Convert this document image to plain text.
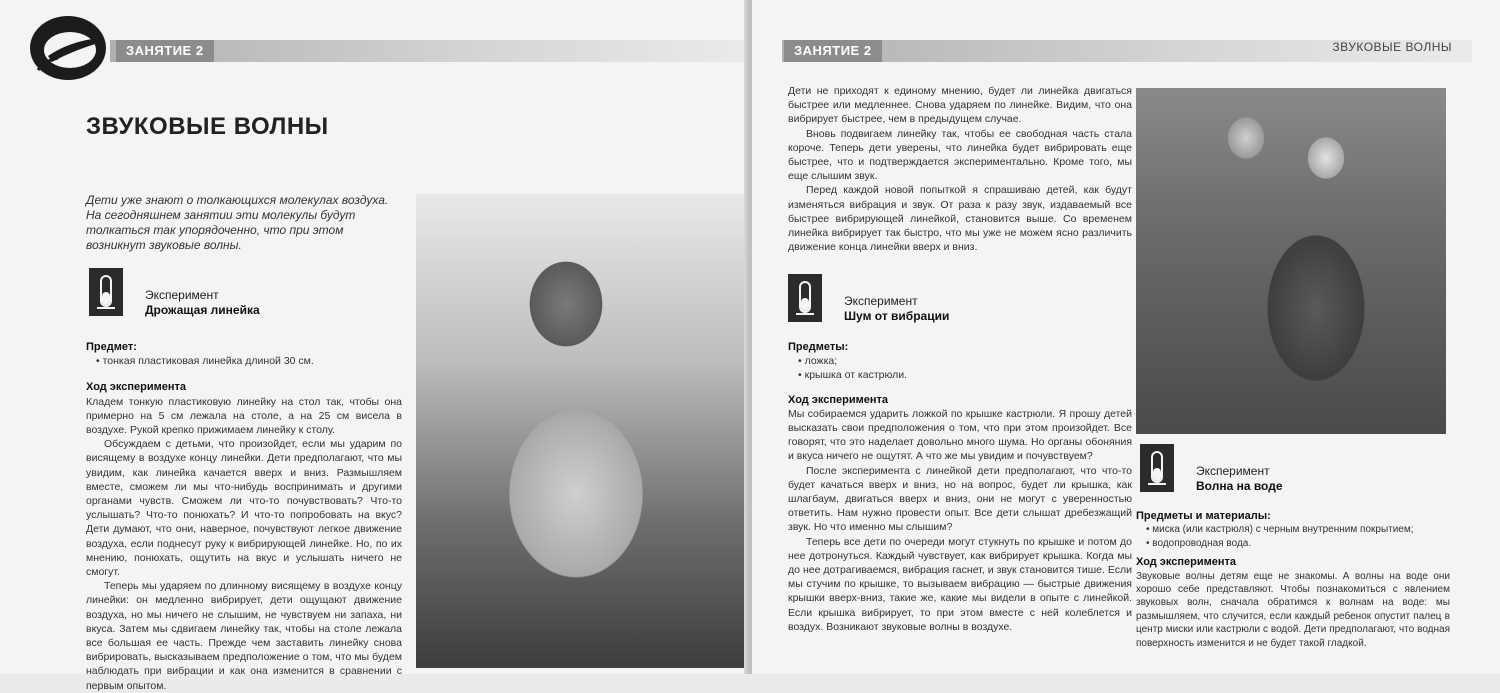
ЗАНЯТИЕ 2
ЗВУКОВЫЕ ВОЛНЫ

Дети уже знают о толкающихся молекулах воздуха. На сегодняшнем занятии эти молекулы будут толкаться так упорядоченно, что при этом возникнут звуковые волны.

Эксперимент
Дрожащая линейка

Предмет:

• тонкая пластиковая линейка длиной 30 см.

Ход эксперимента

Кладем тонкую пластиковую линейку на стол так, чтобы она примерно на 5 см лежала на столе, а на 25 см висела в воздухе. Рукой крепко прижимаем линейку к столу.

Обсуждаем с детьми, что произойдет, если мы ударим по висящему в воздухе концу линейки. Дети предполагают, что мы увидим, как линейка качается вверх и вниз. Размышляем вместе, сможем ли мы что-нибудь воспринимать и другими органами чувств. Сможем ли что-то почувствовать? Что-то услышать? Что-то понюхать? И что-то попробовать на вкус? Дети думают, что они, наверное, почувствуют легкое движение воздуха, если поднесут руку к вибрирующей линейке. Но, по их мнению, понюхать, ощутить на вкус и услышать ничего не смогут.

Теперь мы ударяем по длинному висящему в воздухе концу линейки: он медленно вибрирует, дети ощущают движение воздуха, но мы ничего не слышим, не чувствуем ни запаха, ни вкуса. Затем мы сдвигаем линейку так, чтобы на столе лежала все большая ее часть. Прежде чем заставить линейку снова вибрировать, высказываем предположение о том, что мы будем наблюдать при вибрации и как она изменится в сравнении с первым опытом.

ЗАНЯТИЕ 2	ЗВУКОВЫЕ ВОЛНЫ

Дети не приходят к единому мнению, будет ли линейка двигаться быстрее или медленнее. Снова ударяем по линейке. Видим, что она вибрирует быстрее, чем в предыдущем случае.

Вновь подвигаем линейку так, чтобы ее свободная часть стала короче. Теперь дети уверены, что линейка будет вибрировать еще быстрее, что и подтверждается экспериментально. Кроме того, мы еще слышим звук.

Перед каждой новой попыткой я спрашиваю детей, как будут изменяться вибрация и звук. От раза к разу звук, издаваемый все быстрее вибрирующей линейкой, становится выше. Со временем линейка вибрирует так быстро, что мы уже не можем ясно различить движение конца линейки вверх и вниз.

Эксперимент
Шум от вибрации

Предметы:

• ложка;
• крышка от кастрюли.

Ход эксперимента

Мы собираемся ударить ложкой по крышке кастрюли. Я прошу детей высказать свои предположения о том, что при этом произойдет. Все говорят, что это наделает довольно много шума. Но органы обоняния и вкуса ничего не ощутят. А что же мы увидим и почувствуем?

После эксперимента с линейкой дети предполагают, что что-то будет качаться вверх и вниз, но на вопрос, будет ли крышка, как шлагбаум, двигаться вверх и вниз, они не могут с уверенностью ответить. Нам нужно провести опыт. Все дети слышат дребезжащий звук. Но что именно мы слышим?

Теперь все дети по очереди могут стукнуть по крышке и потом до нее дотронуться. Каждый чувствует, как вибрирует крышка. Когда мы до нее дотрагиваемся, вибрация гаснет, и звук становится тише. Если мы стучим по крышке, то вызываем вибрацию — быстрые движения крышки вверх-вниз, такие же, какие мы видели в опыте с линейкой. Если крышка вибрирует, то при этом вместе с ней колеблется и воздух. Возникают звуковые волны в воздухе.

Эксперимент
Волна на воде

Предметы и материалы:

• миска (или кастрюля) с черным внутренним покрытием;
• водопроводная вода.

Ход эксперимента

Звуковые волны детям еще не знакомы. А волны на воде они хорошо себе представляют. Чтобы познакомиться с явлением звуковых волн, сначала обратимся к волнам на воде: мы размышляем, что случится, если каждый ребенок опустит палец в центр миски или кастрюли с водой. Дети предполагают, что водная поверхность изменится и не будет такой гладкой.
